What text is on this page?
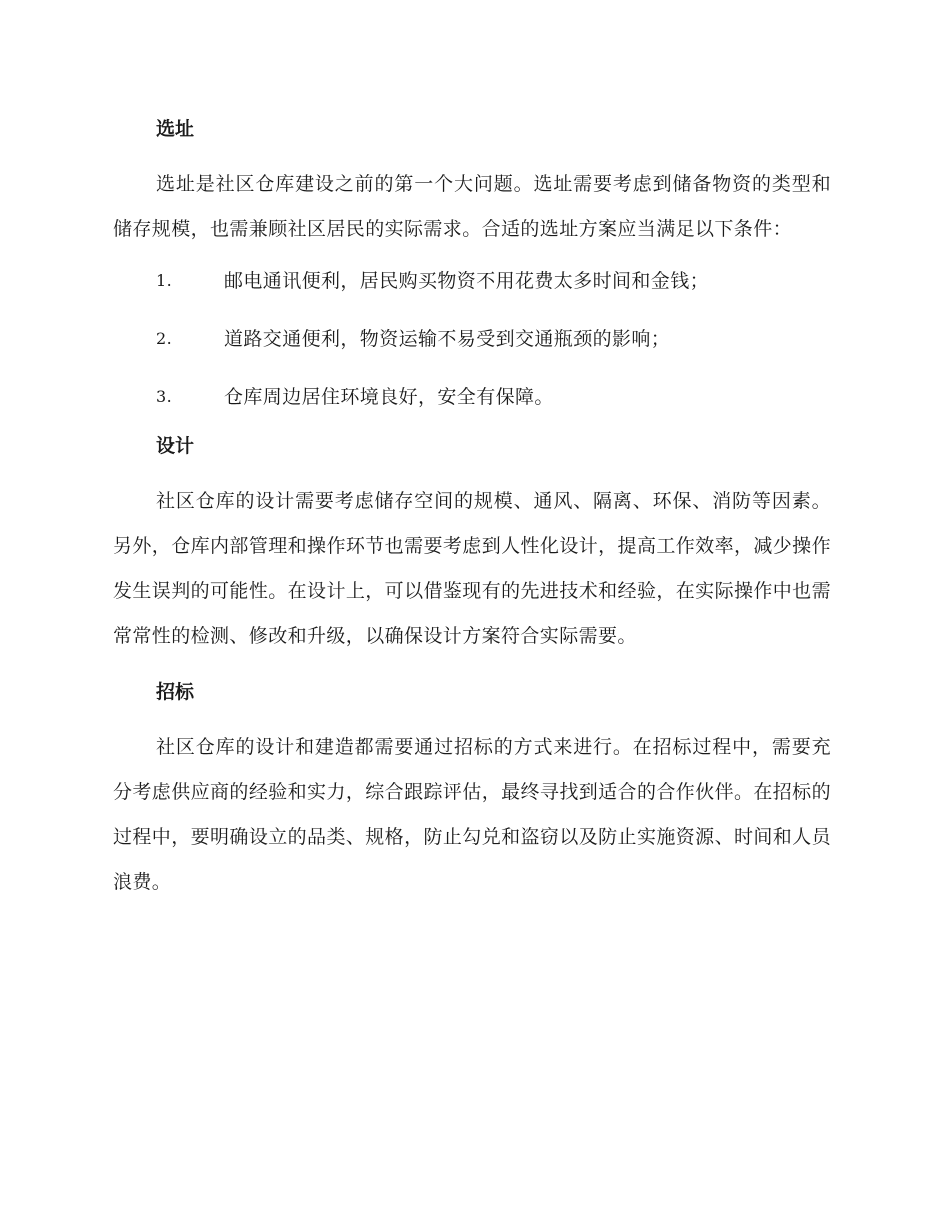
选址

选址是社区仓库建设之前的第一个大问题。选址需要考虑到储备物资的类型和储存规模，也需兼顾社区居民的实际需求。合适的选址方案应当满足以下条件：

1.	邮电通讯便利，居民购买物资不用花费太多时间和金钱；
2.	道路交通便利，物资运输不易受到交通瓶颈的影响；
3.	仓库周边居住环境良好，安全有保障。
设计

社区仓库的设计需要考虑储存空间的规模、通风、隔离、环保、消防等因素。另外，仓库内部管理和操作环节也需要考虑到人性化设计，提高工作效率，减少操作发生误判的可能性。在设计上，可以借鉴现有的先进技术和经验，在实际操作中也需常常性的检测、修改和升级，以确保设计方案符合实际需要。

招标

社区仓库的设计和建造都需要通过招标的方式来进行。在招标过程中，需要充分考虑供应商的经验和实力，综合跟踪评估，最终寻找到适合的合作伙伴。在招标的过程中，要明确设立的品类、规格，防止勾兑和盗窃以及防止实施资源、时间和人员浪费。
